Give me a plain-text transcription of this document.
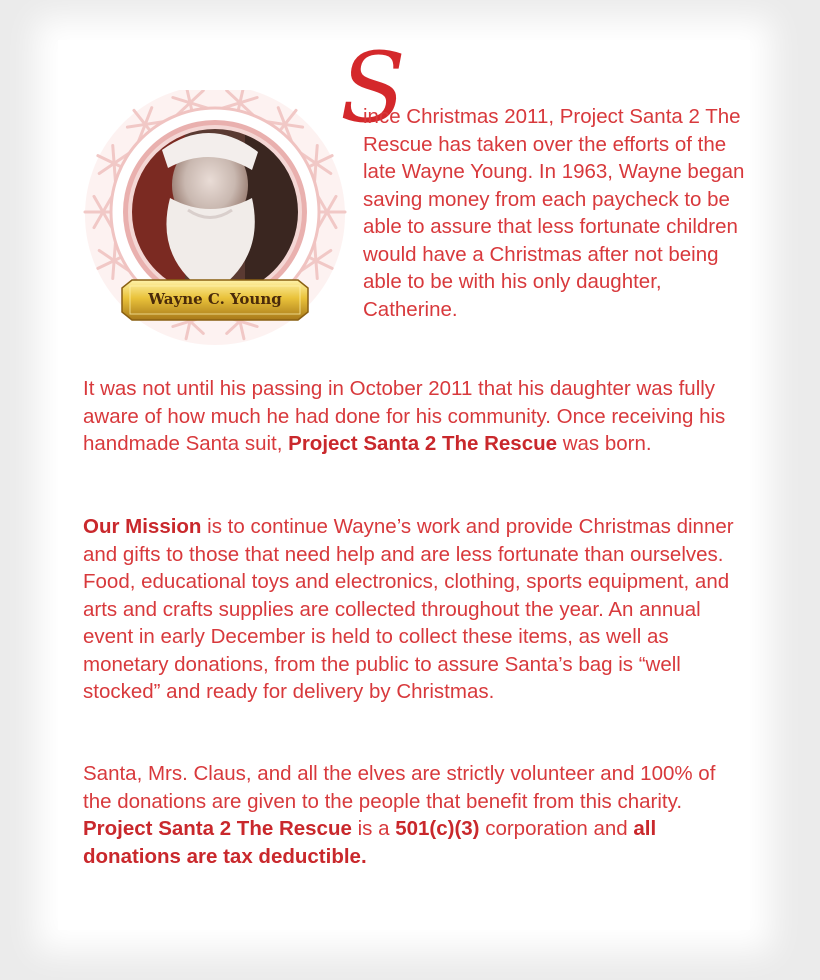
Wayne C. Young
S
ince Christmas 2011, Project Santa 2 The Rescue has taken over the efforts of the late Wayne Young. In 1963, Wayne began saving money from each paycheck to be able to assure that less fortunate children would have a Christmas after not being able to be with his only daughter, Catherine.
It was not until his passing in October 2011 that his daughter was fully aware of how much he had done for his community. Once receiving his handmade Santa suit, Project Santa 2 The Rescue was born.
Our Mission is to continue Wayne’s work and provide Christmas dinner and gifts to those that need help and are less fortunate than ourselves. Food, educational toys and electronics, clothing, sports equipment, and arts and crafts supplies are collected throughout the year. An annual event in early December is held to collect these items, as well as monetary donations, from the public to assure Santa’s bag is “well stocked” and ready for delivery by Christmas.
Santa, Mrs. Claus, and all the elves are strictly volunteer and 100% of the donations are given to the people that benefit from this charity. Project Santa 2 The Rescue is a 501(c)(3) corporation and all donations are tax deductible.
